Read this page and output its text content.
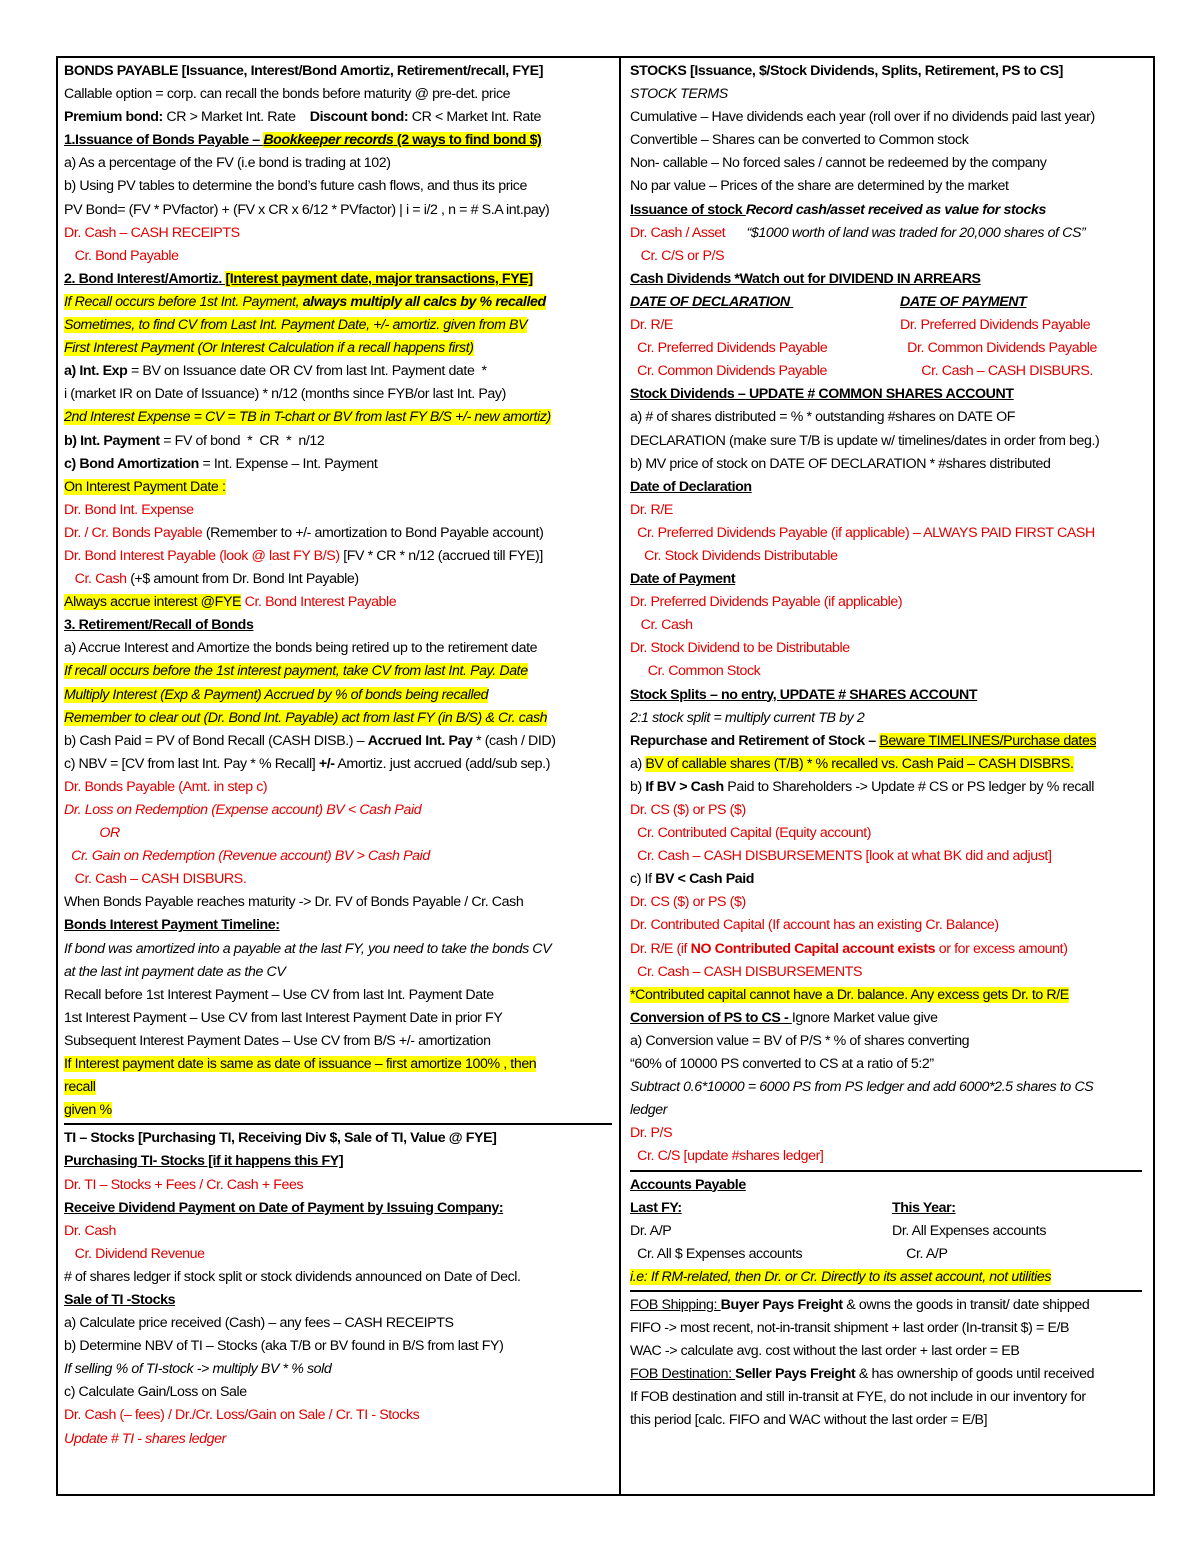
BONDS PAYABLE [Issuance, Interest/Bond Amortiz, Retirement/recall, FYE]
Callable option = corp. can recall the bonds before maturity @ pre-det. price
Premium bond: CR > Market Int. Rate    Discount bond: CR < Market Int. Rate
1.Issuance of Bonds Payable – Bookkeeper records (2 ways to find bond $)
a) As a percentage of the FV (i.e bond is trading at 102)
b) Using PV tables to determine the bond’s future cash flows, and thus its price
PV Bond= (FV * PVfactor) + (FV x CR x 6/12 * PVfactor) | i = i/2 , n = # S.A int.pay)
Dr. Cash – CASH RECEIPTS
Cr. Bond Payable
2. Bond Interest/Amortiz. [Interest payment date, major transactions, FYE]
If Recall occurs before 1st Int. Payment, always multiply all calcs by % recalled
Sometimes, to find CV from Last Int. Payment Date, +/- amortiz. given from BV
First Interest Payment (Or Interest Calculation if a recall happens first)
a) Int. Exp = BV on Issuance date OR CV from last Int. Payment date  *
i (market IR on Date of Issuance) * n/12 (months since FYB/or last Int. Pay)
2nd Interest Expense = CV = TB in T-chart or BV from last FY B/S +/- new amortiz)
b) Int. Payment = FV of bond  *  CR  *  n/12
c) Bond Amortization = Int. Expense – Int. Payment
On Interest Payment Date :
Dr. Bond Int. Expense
Dr. / Cr. Bonds Payable (Remember to +/- amortization to Bond Payable account)
Dr. Bond Interest Payable (look @ last FY B/S) [FV * CR * n/12 (accrued till FYE)]
Cr. Cash (+$ amount from Dr. Bond Int Payable)
Always accrue interest @FYE Cr. Bond Interest Payable
3. Retirement/Recall of Bonds
a) Accrue Interest and Amortize the bonds being retired up to the retirement date
If recall occurs before the 1st interest payment, take CV from last Int. Pay. Date
Multiply Interest (Exp & Payment) Accrued by % of bonds being recalled
Remember to clear out (Dr. Bond Int. Payable) act from last FY (in B/S) & Cr. cash
b) Cash Paid = PV of Bond Recall (CASH DISB.) – Accrued Int. Pay * (cash / DID)
c) NBV = [CV from last Int. Pay * % Recall] +/- Amortiz. just accrued (add/sub sep.)
Dr. Bonds Payable (Amt. in step c)
Dr. Loss on Redemption (Expense account) BV < Cash Paid
OR
Cr. Gain on Redemption (Revenue account) BV > Cash Paid
Cr. Cash – CASH DISBURS.
When Bonds Payable reaches maturity -> Dr. FV of Bonds Payable / Cr. Cash
Bonds Interest Payment Timeline:
If bond was amortized into a payable at the last FY, you need to take the bonds CV
at the last int payment date as the CV
Recall before 1st Interest Payment – Use CV from last Int. Payment Date
1st Interest Payment – Use CV from last Interest Payment Date in prior FY
Subsequent Interest Payment Dates – Use CV from B/S +/- amortization
If Interest payment date is same as date of issuance – first amortize 100% , then
recall
given %
TI – Stocks [Purchasing TI, Receiving Div $, Sale of TI, Value @ FYE]
Purchasing TI- Stocks [if it happens this FY]
Dr. TI – Stocks + Fees / Cr. Cash + Fees
Receive Dividend Payment on Date of Payment by Issuing Company:
Dr. Cash
Cr. Dividend Revenue
# of shares ledger if stock split or stock dividends announced on Date of Decl.
Sale of TI -Stocks
a) Calculate price received (Cash) – any fees – CASH RECEIPTS
b) Determine NBV of TI – Stocks (aka T/B or BV found in B/S from last FY)
If selling % of TI-stock -> multiply BV * % sold
c) Calculate Gain/Loss on Sale
Dr. Cash (– fees) / Dr./Cr. Loss/Gain on Sale / Cr. TI - Stocks
Update # TI - shares ledger
STOCKS [Issuance, $/Stock Dividends, Splits, Retirement, PS to CS]
STOCK TERMS
Cumulative – Have dividends each year (roll over if no dividends paid last year)
Convertible – Shares can be converted to Common stock
Non- callable – No forced sales / cannot be redeemed by the company
No par value – Prices of the share are determined by the market
Issuance of stock Record cash/asset received as value for stocks
Dr. Cash / Asset      “$1000 worth of land was traded for 20,000 shares of CS”
Cr. C/S or P/S
Cash Dividends *Watch out for DIVIDEND IN ARREARS
DATE OF DECLARATION	DATE OF PAYMENT
Dr. R/E	Dr. Preferred Dividends Payable
Cr. Preferred Dividends Payable	Dr. Common Dividends Payable
Cr. Common Dividends Payable	Cr. Cash – CASH DISBURS.
Stock Dividends – UPDATE # COMMON SHARES ACCOUNT
a) # of shares distributed = % * outstanding #shares on DATE OF
DECLARATION (make sure T/B is update w/ timelines/dates in order from beg.)
b) MV price of stock on DATE OF DECLARATION * #shares distributed
Date of Declaration
Dr. R/E
Cr. Preferred Dividends Payable (if applicable) – ALWAYS PAID FIRST CASH
Cr. Stock Dividends Distributable
Date of Payment
Dr. Preferred Dividends Payable (if applicable)
Cr. Cash
Dr. Stock Dividend to be Distributable
Cr. Common Stock
Stock Splits – no entry, UPDATE # SHARES ACCOUNT
2:1 stock split = multiply current TB by 2
Repurchase and Retirement of Stock – Beware TIMELINES/Purchase dates
a) BV of callable shares (T/B) * % recalled vs. Cash Paid – CASH DISBRS.
b) If BV > Cash Paid to Shareholders -> Update # CS or PS ledger by % recall
Dr. CS ($) or PS ($)
Cr. Contributed Capital (Equity account)
Cr. Cash – CASH DISBURSEMENTS [look at what BK did and adjust]
c) If BV < Cash Paid
Dr. CS ($) or PS ($)
Dr. Contributed Capital (If account has an existing Cr. Balance)
Dr. R/E (if NO Contributed Capital account exists or for excess amount)
Cr. Cash – CASH DISBURSEMENTS
*Contributed capital cannot have a Dr. balance. Any excess gets Dr. to R/E
Conversion of PS to CS - Ignore Market value give
a) Conversion value = BV of P/S * % of shares converting
“60% of 10000 PS converted to CS at a ratio of 5:2”
Subtract 0.6*10000 = 6000 PS from PS ledger and add 6000*2.5 shares to CS
ledger
Dr. P/S
Cr. C/S [update #shares ledger]
Accounts Payable
Last FY:	This Year:
Dr. A/P	Dr. All Expenses accounts
Cr. All $ Expenses accounts	Cr. A/P
i.e: If RM-related, then Dr. or Cr. Directly to its asset account, not utilities
FOB Shipping: Buyer Pays Freight & owns the goods in transit/ date shipped
FIFO -> most recent, not-in-transit shipment + last order (In-transit $) = E/B
WAC -> calculate avg. cost without the last order + last order = EB
FOB Destination: Seller Pays Freight & has ownership of goods until received
If FOB destination and still in-transit at FYE, do not include in our inventory for
this period [calc. FIFO and WAC without the last order = E/B]
